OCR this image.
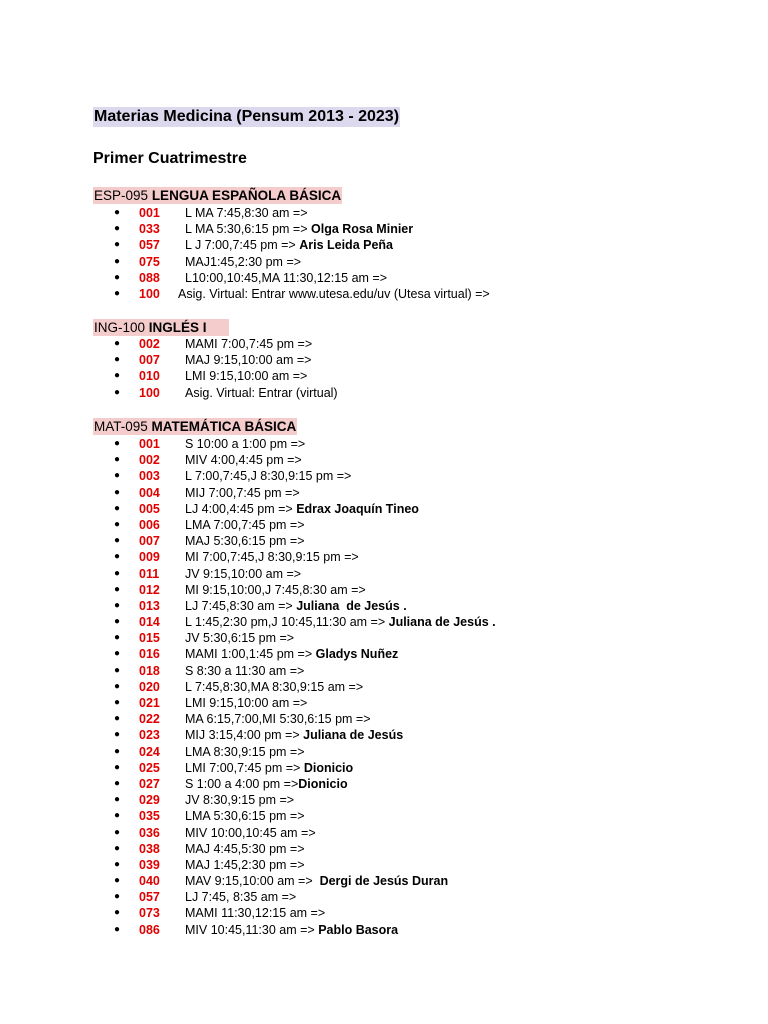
Materias Medicina (Pensum 2013 - 2023)
Primer Cuatrimestre
ESP-095 LENGUA ESPAÑOLA BÁSICA
● 001 L MA 7:45,8:30 am =>
● 033 L MA 5:30,6:15 pm => Olga Rosa Minier
● 057 L J 7:00,7:45 pm => Aris Leida Peña
● 075 MAJ1:45,2:30 pm =>
● 088 L10:00,10:45,MA 11:30,12:15 am =>
● 100 Asig. Virtual: Entrar www.utesa.edu/uv (Utesa virtual) =>
ING-100 INGLÉS I
● 002 MAMI 7:00,7:45 pm =>
● 007 MAJ 9:15,10:00 am =>
● 010 LMI 9:15,10:00 am =>
● 100 Asig. Virtual: Entrar (virtual)
MAT-095 MATEMÁTICA BÁSICA
● 001 S 10:00 a 1:00 pm =>
● 002 MIV 4:00,4:45 pm =>
● 003 L 7:00,7:45,J 8:30,9:15 pm =>
● 004 MIJ 7:00,7:45 pm =>
● 005 LJ 4:00,4:45 pm => Edrax Joaquín Tineo
● 006 LMA 7:00,7:45 pm =>
● 007 MAJ 5:30,6:15 pm =>
● 009 MI 7:00,7:45,J 8:30,9:15 pm =>
● 011 JV 9:15,10:00 am =>
● 012 MI 9:15,10:00,J 7:45,8:30 am =>
● 013 LJ 7:45,8:30 am => Juliana  de Jesús .
● 014 L 1:45,2:30 pm,J 10:45,11:30 am => Juliana de Jesús .
● 015 JV 5:30,6:15 pm =>
● 016 MAMI 1:00,1:45 pm => Gladys Nuñez
● 018 S 8:30 a 11:30 am =>
● 020 L 7:45,8:30,MA 8:30,9:15 am =>
● 021 LMI 9:15,10:00 am =>
● 022 MA 6:15,7:00,MI 5:30,6:15 pm =>
● 023 MIJ 3:15,4:00 pm => Juliana de Jesús
● 024 LMA 8:30,9:15 pm =>
● 025 LMI 7:00,7:45 pm => Dionicio
● 027 S 1:00 a 4:00 pm =>Dionicio
● 029 JV 8:30,9:15 pm =>
● 035 LMA 5:30,6:15 pm =>
● 036 MIV 10:00,10:45 am =>
● 038 MAJ 4:45,5:30 pm =>
● 039 MAJ 1:45,2:30 pm =>
● 040 MAV 9:15,10:00 am =>  Dergi de Jesús Duran
● 057 LJ 7:45, 8:35 am =>
● 073 MAMI 11:30,12:15 am =>
● 086 MIV 10:45,11:30 am => Pablo Basora
